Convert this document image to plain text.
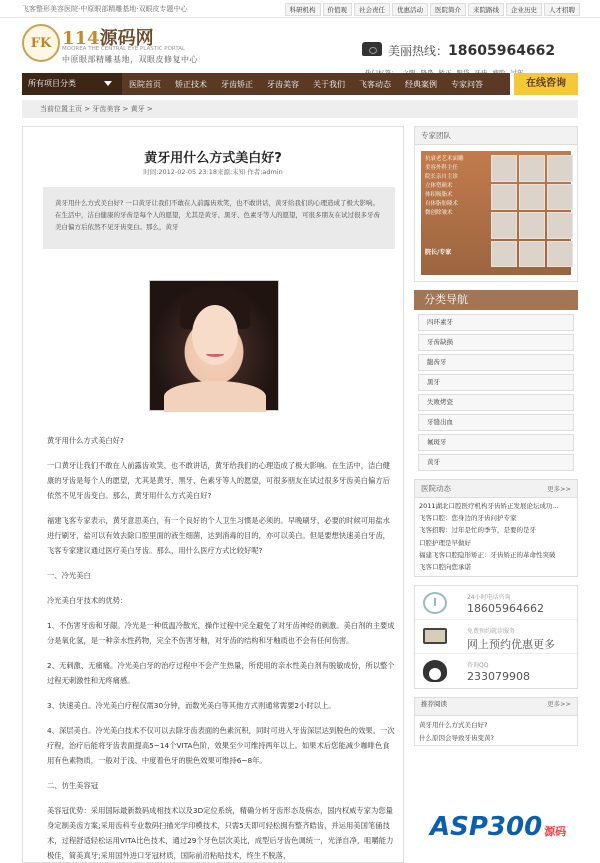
飞客整形美容医院·中原眼部精雕基地·双眼皮专题中心	科研机构	价值观	社会责任	优惠活动	医院简介	来院路线	企业历史	人才招聘
FK 114源码网
MOOREA THE CENTRAL EYE PLASTIC PORTAL
中原眼部精雕基地，双眼皮修复中心
美丽热线：18605964662
所有项目分类	医院首页	矫正技术	牙齿矫正	牙齿美容	关于我们	飞客动态	经典案例	专家问答	在线咨询
当前位置主页 > 牙齿美容 > 黄牙 >
黄牙用什么方式美白好?
时间:2012-02-05 23:18来源:未知 作者:admin
黄牙用什么方式美白好? 一口黄牙让我们不敢在人前露齿欢笑，也不敢讲话，黄牙给我们的心理造成了极大影响。在生活中，洁白健康的牙齿是每个人的愿望，尤其是黄牙、黑牙、色素牙等人的愿望，可很多朋友在试过很多牙齿美白偏方后依然不见牙齿变白。那么，黄牙

黄牙用什么方式美白好?

一口黄牙让我们不敢在人前露齿欢笑，也不敢讲话，黄牙给我们的心理造成了极大影响。在生活中，洁白健康的牙齿是每个人的愿望，尤其是黄牙、黑牙、色素牙等人的愿望，可很多朋友在试过很多牙齿美白偏方后依然不见牙齿变白。那么，黄牙用什么方式美白好?

福建飞客专家表示，黄牙意思美白，有一个良好的个人卫生习惯是必须的。早晚刷牙，必要的时候可用盐水进行刷牙，盐可以有效去除口腔里面的液生细菌，达到消毒的目的，亦可以美白。但是要想快速美白牙齿，飞客专家建议通过医疗美白牙齿。那么，用什么医疗方式比较好呢?

一、冷光美白

冷光美白牙技术的优势：

1、不伤害牙齿和牙龈。冷光是一种低温冷散光，操作过程中完全避免了对牙齿神经的刺激。美白剂的主要成分是氧化氢，是一种亲水性药物，完全不伤害牙釉，对牙齿的结构和牙釉质也不会有任何伤害。

2、无刺激、无痛痛。冷光美白牙的治疗过程中不会产生热量，所使用的亲水性美白剂有脱敏成份，所以整个过程无刺激性和无疼痛感。

3、快速美白。冷光美白疗程仅需30分钟，而数光美白等其他方式则通常需要2小时以上。

4、深层美白。冷光美白技术不仅可以去除牙齿表面的色素沉积，同时可进入牙齿深层达到脱色的效果。一次疗程，治疗后能将牙齿表面提高5~14个VITA色阶，效果至少可维持两年以上。如果术后您能减少咖啡色食用有色素物质，一般对于浅、中度着色牙的脱色效果可维持6~8年。

二、仿生美容冠

美容冠优势：采用国际最新数码成相技术以及3D定位系统，精确分析牙齿形态及病态，国内权威专家为您量身定制美齿方案;采用齿科专业数码扫描光学印模技术，只需5天即可轻松拥有整齐皓齿，并运用美国笔俑技术，过程舒适轻松运用VITA比色技术，通过29个牙色层次美比，成型后牙齿色调统一，光泽自净，咀嚼能力极佳，简美真牙;采用国外进口牙冠材质，国际前沿粘贴技术，终生不脱落，

专家团队
抗衰老艺术面雕
美容外科主任
院长亲自主诊
立体塑颜术
体积吸脂术
自体脂肪隆术
微创除皱术
院长/专家
分类导航
四环素牙
牙齿缺损
龅齿牙
黑牙
失败烤瓷
牙缝出血
氟斑牙
黄牙
医院动态	更多>>
2011湖北口腔医疗机构牙齿矫正发展论坛成功...
飞客口腔：您身边的牙齿问护专家
飞客招聘：过年是忙的季节，是要的是牙
口腔护理是早做好
福建飞客口腔隐形矫正：牙齿矫正的革命性突破
飞客口腔向您承诺
24小时电话咨询
18605964662
免费预约就诊服务
网上预约优惠更多
咨询QQ
233079908
推荐阅读	更多>>
黄牙用什么方式美白好?
什么原因会导致牙齿变黄?
ASP300 源码
